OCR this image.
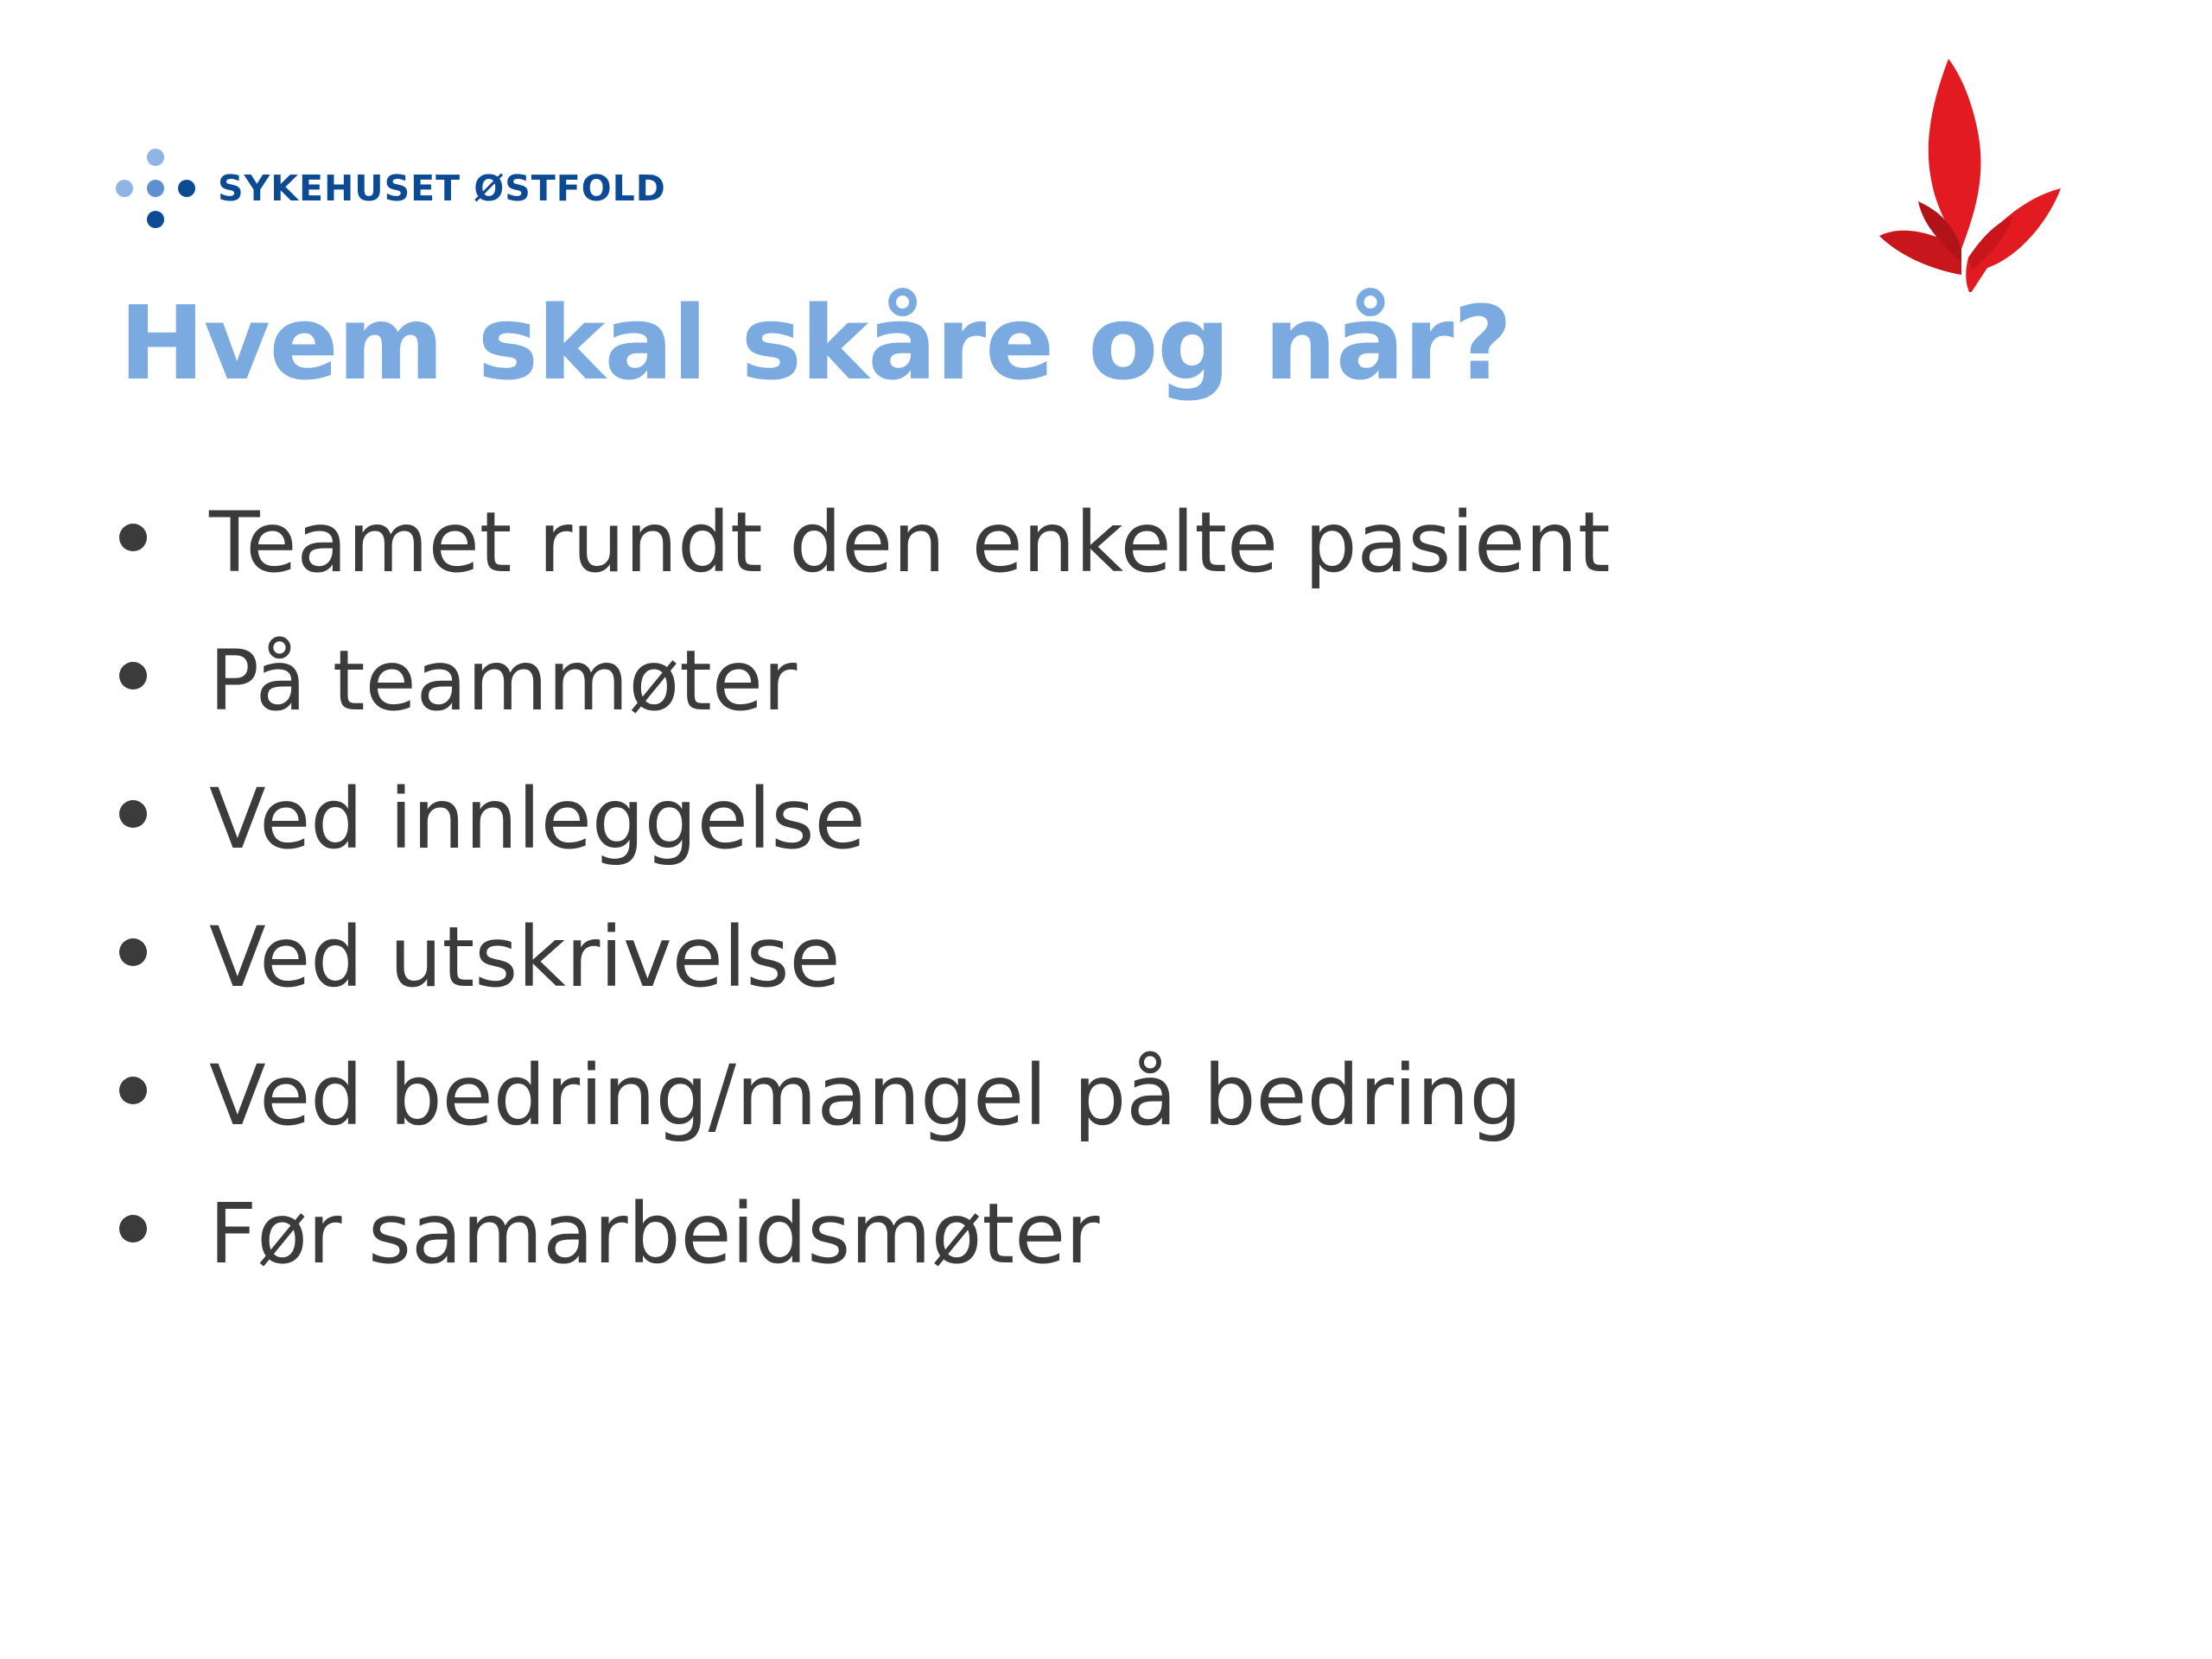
SYKEHUSET ØSTFOLD
Hvem skal skåre og når?
Teamet rundt den enkelte pasient
På teammøter
Ved innleggelse
Ved utskrivelse
Ved bedring/mangel på bedring
Før samarbeidsmøter
